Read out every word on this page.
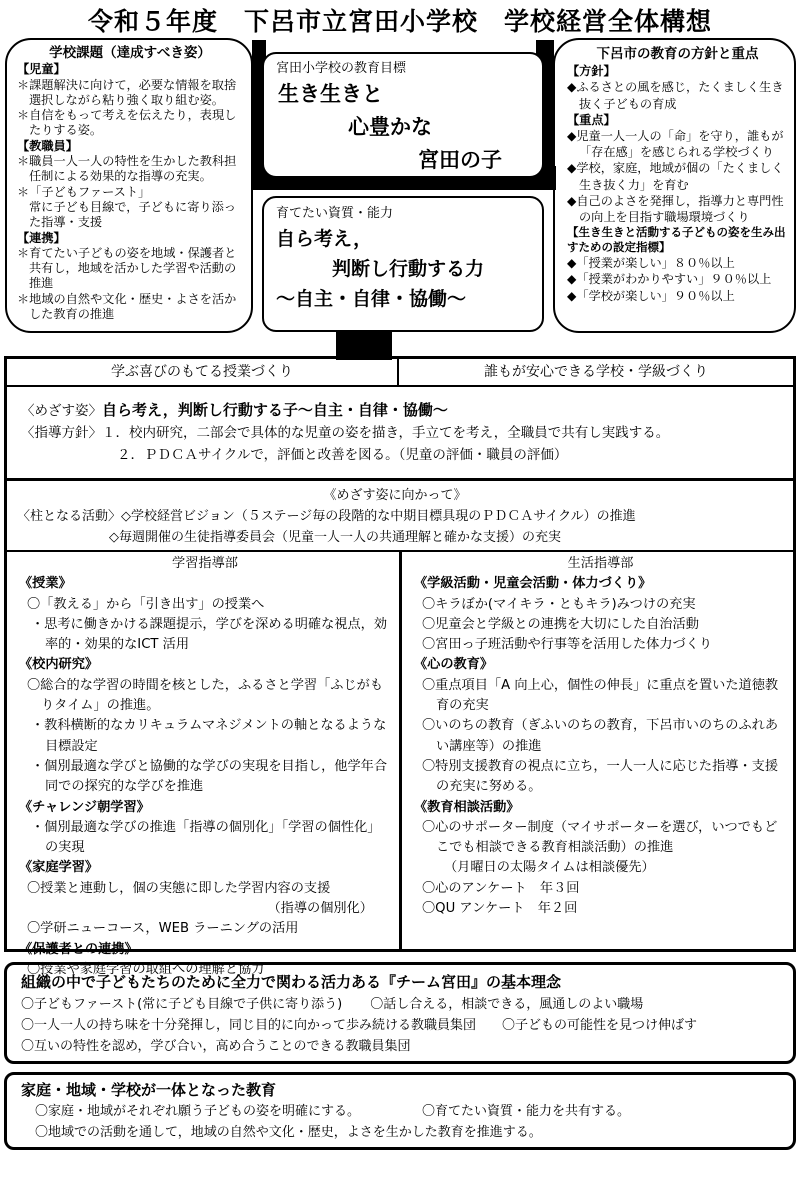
令和５年度　下呂市立宮田小学校　学校経営全体構想
学校課題（達成すべき姿）
【児童】
＊課題解決に向けて，必要な情報を取捨選択しながら粘り強く取り組む姿。
＊自信をもって考えを伝えたり，表現したりする姿。
【教職員】
＊職員一人一人の特性を生かした教科担任制による効果的な指導の充実。
＊「子どもファースト」
常に子ども目線で，子どもに寄り添った指導・支援
【連携】
＊育てたい子どもの姿を地域・保護者と共有し，地域を活かした学習や活動の推進
＊地域の自然や文化・歴史・よさを活かした教育の推進
宮田小学校の教育目標
生き生きと
心豊かな
宮田の子
育てたい資質・能力
自ら考え，
判断し行動する力
～自主・自律・協働～
下呂市の教育の方針と重点
【方針】
◆ふるさとの風を感じ，たくましく生き抜く子どもの育成
【重点】
◆児童一人一人の「命」を守り，誰もが「存在感」を感じられる学校づくり
◆学校，家庭，地域が個の「たくましく生き抜く力」を育む
◆自己のよさを発揮し，指導力と専門性の向上を目指す職場環境づくり
【生き生きと活動する子どもの姿を生み出すための設定指標】
◆「授業が楽しい」８０％以上
◆「授業がわかりやすい」９０％以上
◆「学校が楽しい」９０％以上
学ぶ喜びのもてる授業づくり	誰もが安心できる学校・学級づくり
〈めざす姿〉自ら考え，判断し行動する子～自主・自律・協働～
〈指導方針〉１．校内研究，二部会で具体的な児童の姿を描き，手立てを考え，全職員で共有し実践する。
２．ＰＤＣＡサイクルで，評価と改善を図る。（児童の評価・職員の評価）
《めざす姿に向かって》
〈柱となる活動〉◇学校経営ビジョン（５ステージ毎の段階的な中期目標具現のＰＤＣＡサイクル）の推進
◇毎週開催の生徒指導委員会（児童一人一人の共通理解と確かな支援）の充実
学習指導部
《授業》
〇「教える」から「引き出す」の授業へ
・思考に働きかける課題提示，学びを深める明確な視点，効率的・効果的なICT 活用
《校内研究》
〇総合的な学習の時間を核とした，ふるさと学習「ふじがもりタイム」の推進。
・教科横断的なカリキュラムマネジメントの軸となるような目標設定
・個別最適な学びと協働的な学びの実現を目指し，他学年合同での探究的な学びを推進
《チャレンジ朝学習》
・個別最適な学びの推進「指導の個別化」「学習の個性化」の実現
《家庭学習》
〇授業と連動し，個の実態に即した学習内容の支援
（指導の個別化）
〇学研ニューコース，WEB ラーニングの活用
《保護者との連携》
〇授業や家庭学習の取組への理解と協力
生活指導部
《学級活動・児童会活動・体力づくり》
〇キラぼか(マイキラ・ともキラ)みつけの充実
〇児童会と学級との連携を大切にした自治活動
〇宮田っ子班活動や行事等を活用した体力づくり
《心の教育》
〇重点項目「A 向上心，個性の伸長」に重点を置いた道徳教育の充実
〇いのちの教育（ぎふいのちの教育，下呂市いのちのふれあい講座等）の推進
〇特別支援教育の視点に立ち，一人一人に応じた指導・支援の充実に努める。
《教育相談活動》
〇心のサポーター制度（マイサポーターを選び，いつでもどこでも相談できる教育相談活動）の推進
（月曜日の太陽タイムは相談優先）
〇心のアンケート　年３回
〇QU アンケート　年２回
組織の中で子どもたちのために全力で関わる活力ある『チーム宮田』の基本理念
〇子どもファースト(常に子ども目線で子供に寄り添う) 〇話し合える，相談できる，風通しのよい職場
〇一人一人の持ち味を十分発揮し，同じ目的に向かって歩み続ける教職員集団 〇子どもの可能性を見つけ伸ばす
〇互いの特性を認め，学び合い，高め合うことのできる教職員集団
家庭・地域・学校が一体となった教育
〇家庭・地域がそれぞれ願う子どもの姿を明確にする。	〇育てたい資質・能力を共有する。
〇地域での活動を通して，地域の自然や文化・歴史，よさを生かした教育を推進する。
